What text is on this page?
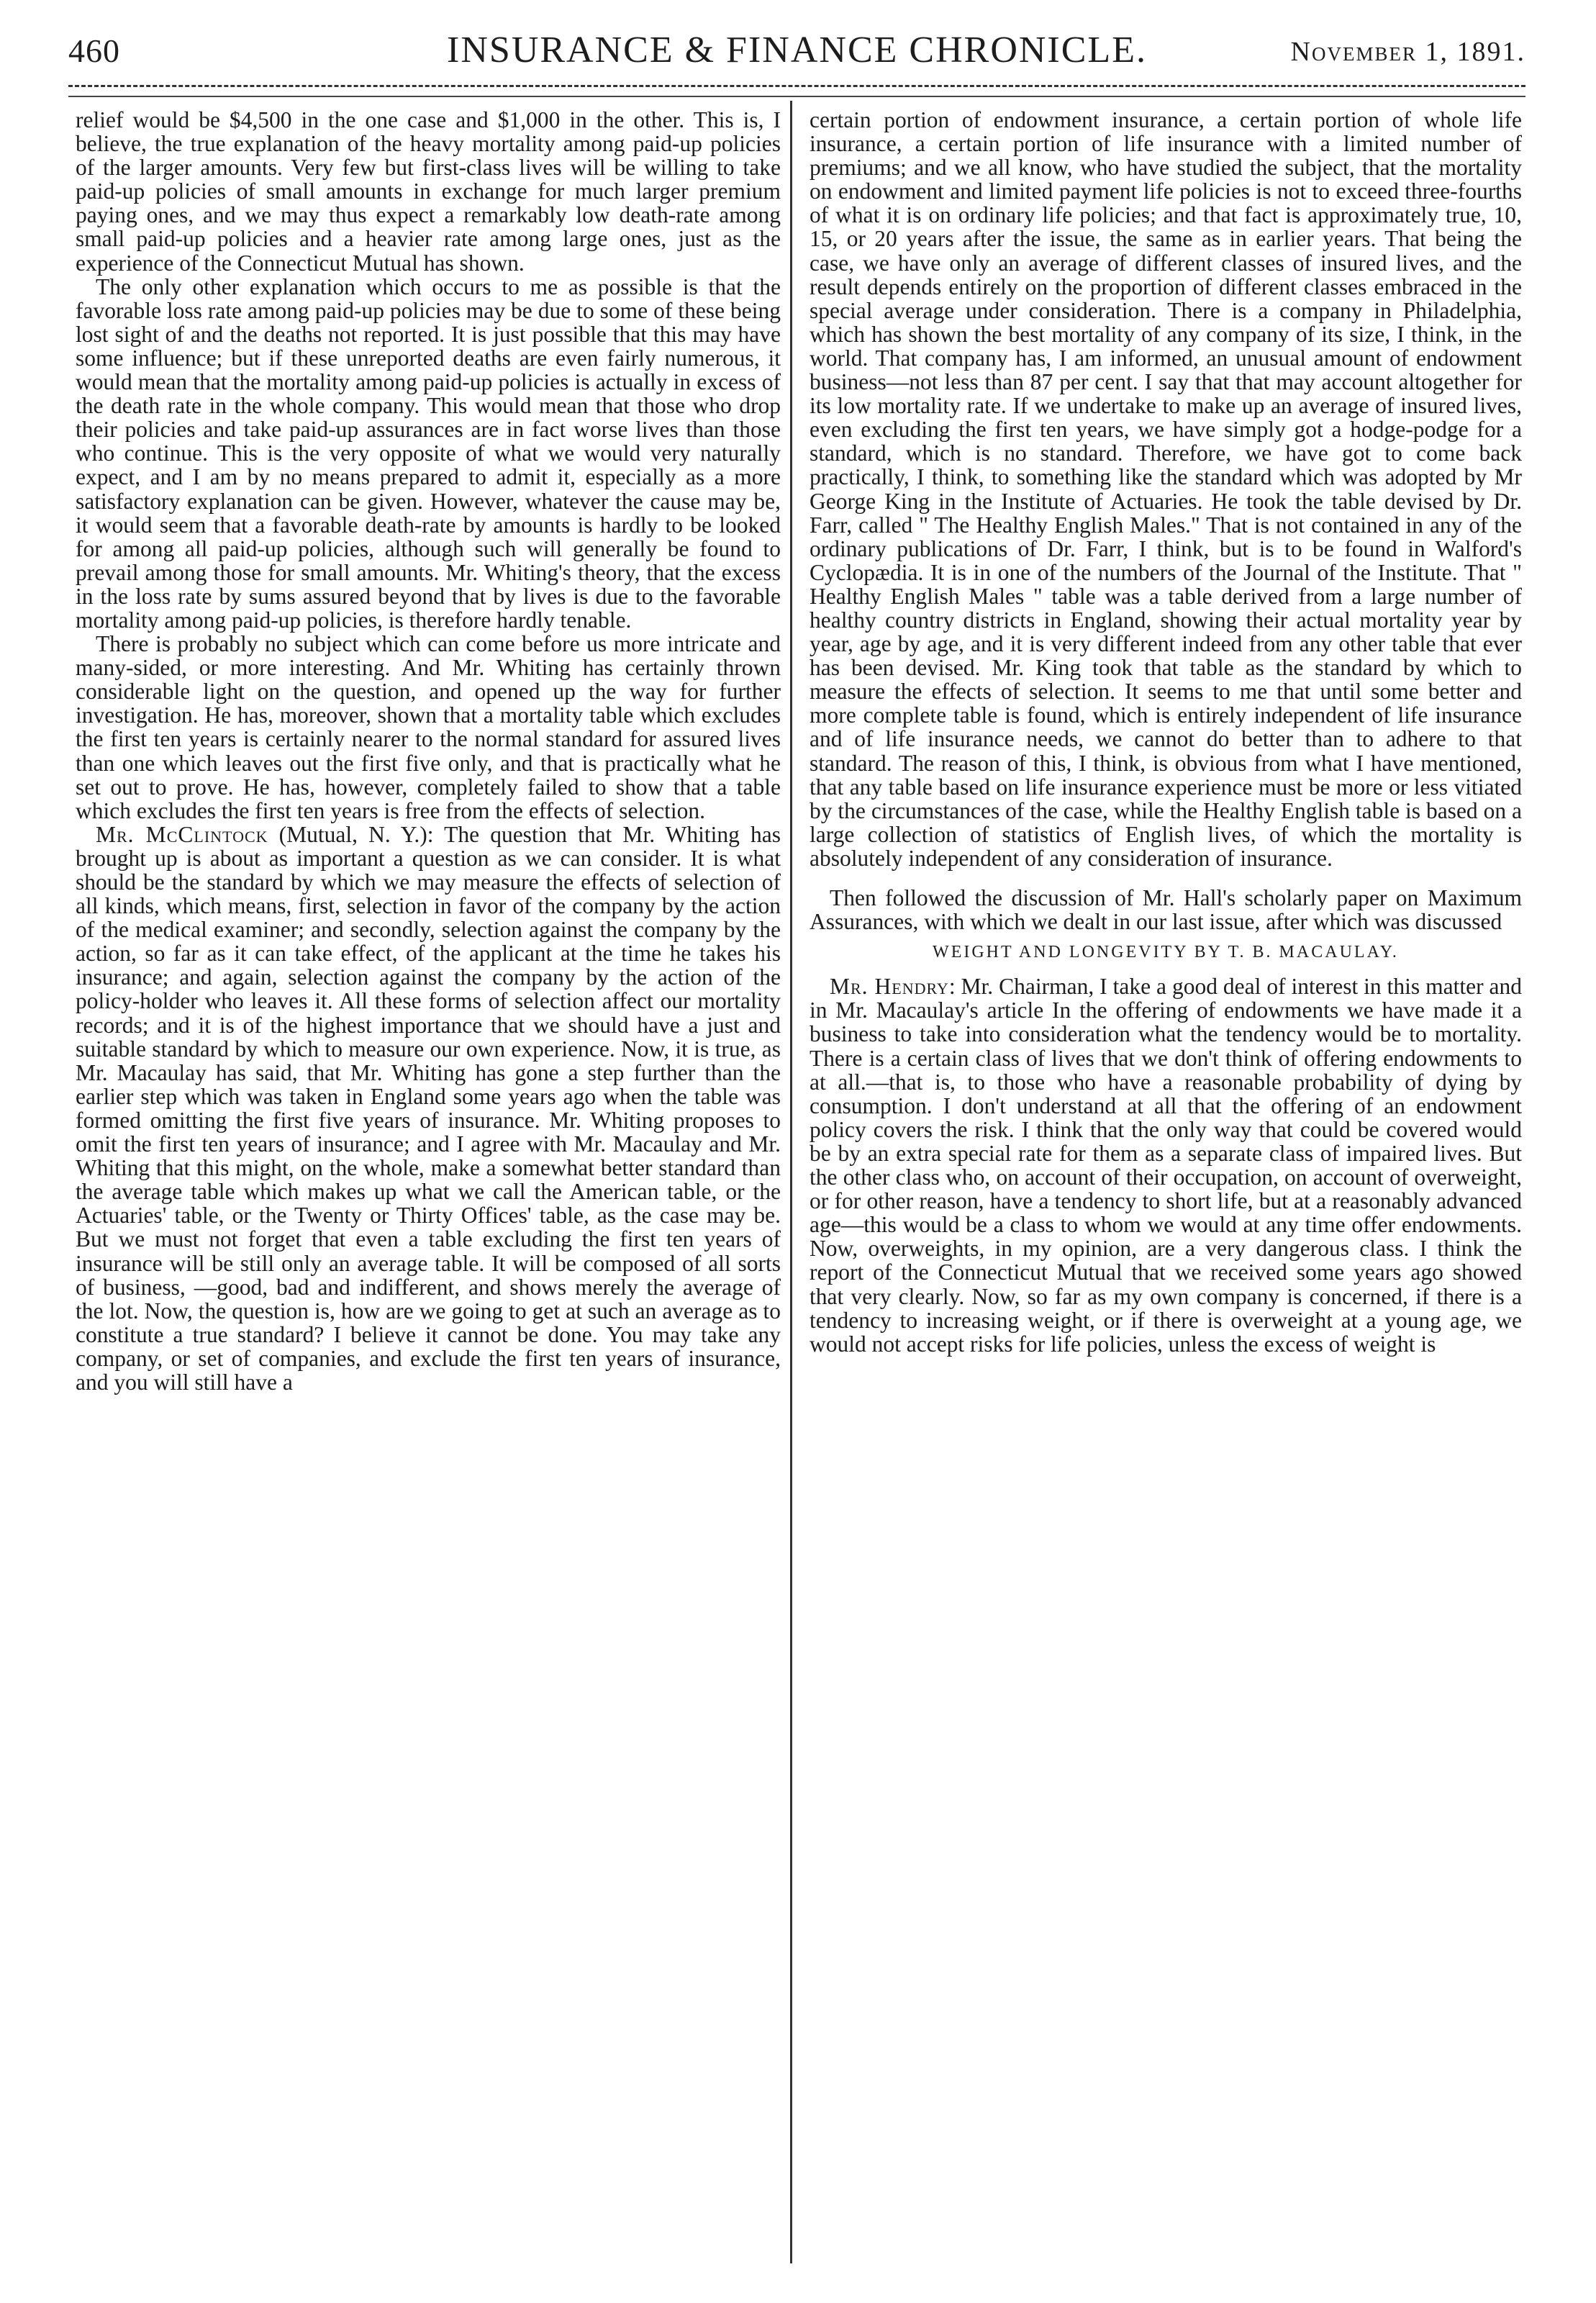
460	INSURANCE & FINANCE CHRONICLE.	November 1, 1891.

relief would be $4,500 in the one case and $1,000 in the other. This is, I believe, the true explanation of the heavy mortality among paid-up policies of the larger amounts. Very few but first-class lives will be willing to take paid-up policies of small amounts in exchange for much larger premium paying ones, and we may thus expect a remarkably low death-rate among small paid-up policies and a heavier rate among large ones, just as the experience of the Connecticut Mutual has shown.

The only other explanation which occurs to me as possible is that the favorable loss rate among paid-up policies may be due to some of these being lost sight of and the deaths not reported. It is just possible that this may have some influence; but if these unreported deaths are even fairly numerous, it would mean that the mortality among paid-up policies is actually in excess of the death rate in the whole company. This would mean that those who drop their policies and take paid-up assurances are in fact worse lives than those who continue. This is the very opposite of what we would very naturally expect, and I am by no means prepared to admit it, especially as a more satisfactory explanation can be given. However, whatever the cause may be, it would seem that a favorable death-rate by amounts is hardly to be looked for among all paid-up policies, although such will generally be found to prevail among those for small amounts. Mr. Whiting's theory, that the excess in the loss rate by sums assured beyond that by lives is due to the favorable mortality among paid-up policies, is therefore hardly tenable.

There is probably no subject which can come before us more intricate and many-sided, or more interesting. And Mr. Whiting has certainly thrown considerable light on the question, and opened up the way for further investigation. He has, moreover, shown that a mortality table which excludes the first ten years is certainly nearer to the normal standard for assured lives than one which leaves out the first five only, and that is practically what he set out to prove. He has, however, completely failed to show that a table which excludes the first ten years is free from the effects of selection.

Mr. McClintock (Mutual, N. Y.): The question that Mr. Whiting has brought up is about as important a question as we can consider. It is what should be the standard by which we may measure the effects of selection of all kinds, which means, first, selection in favor of the company by the action of the medical examiner; and secondly, selection against the company by the action, so far as it can take effect, of the applicant at the time he takes his insurance; and again, selection against the company by the action of the policy-holder who leaves it. All these forms of selection affect our mortality records; and it is of the highest importance that we should have a just and suitable standard by which to measure our own experience. Now, it is true, as Mr. Macaulay has said, that Mr. Whiting has gone a step further than the earlier step which was taken in England some years ago when the table was formed omitting the first five years of insurance. Mr. Whiting proposes to omit the first ten years of insurance; and I agree with Mr. Macaulay and Mr. Whiting that this might, on the whole, make a somewhat better standard than the average table which makes up what we call the American table, or the Actuaries' table, or the Twenty or Thirty Offices' table, as the case may be. But we must not forget that even a table excluding the first ten years of insurance will be still only an average table. It will be composed of all sorts of business, —good, bad and indifferent, and shows merely the average of the lot. Now, the question is, how are we going to get at such an average as to constitute a true standard? I believe it cannot be done. You may take any company, or set of companies, and exclude the first ten years of insurance, and you will still have a

certain portion of endowment insurance, a certain portion of whole life insurance, a certain portion of life insurance with a limited number of premiums; and we all know, who have studied the subject, that the mortality on endowment and limited payment life policies is not to exceed three-fourths of what it is on ordinary life policies; and that fact is approximately true, 10, 15, or 20 years after the issue, the same as in earlier years. That being the case, we have only an average of different classes of insured lives, and the result depends entirely on the proportion of different classes embraced in the special average under consideration. There is a company in Philadelphia, which has shown the best mortality of any company of its size, I think, in the world. That company has, I am informed, an unusual amount of endowment business—not less than 87 per cent. I say that that may account altogether for its low mortality rate. If we undertake to make up an average of insured lives, even excluding the first ten years, we have simply got a hodge-podge for a standard, which is no standard. Therefore, we have got to come back practically, I think, to something like the standard which was adopted by Mr George King in the Institute of Actuaries. He took the table devised by Dr. Farr, called " The Healthy English Males." That is not contained in any of the ordinary publications of Dr. Farr, I think, but is to be found in Walford's Cyclopædia. It is in one of the numbers of the Journal of the Institute. That " Healthy English Males " table was a table derived from a large number of healthy country districts in England, showing their actual mortality year by year, age by age, and it is very different indeed from any other table that ever has been devised. Mr. King took that table as the standard by which to measure the effects of selection. It seems to me that until some better and more complete table is found, which is entirely independent of life insurance and of life insurance needs, we cannot do better than to adhere to that standard. The reason of this, I think, is obvious from what I have mentioned, that any table based on life insurance experience must be more or less vitiated by the circumstances of the case, while the Healthy English table is based on a large collection of statistics of English lives, of which the mortality is absolutely independent of any consideration of insurance.

Then followed the discussion of Mr. Hall's scholarly paper on Maximum Assurances, with which we dealt in our last issue, after which was discussed

WEIGHT AND LONGEVITY BY T. B. MACAULAY.

Mr. Hendry: Mr. Chairman, I take a good deal of interest in this matter and in Mr. Macaulay's article In the offering of endowments we have made it a business to take into consideration what the tendency would be to mortality. There is a certain class of lives that we don't think of offering endowments to at all.—that is, to those who have a reasonable probability of dying by consumption. I don't understand at all that the offering of an endowment policy covers the risk. I think that the only way that could be covered would be by an extra special rate for them as a separate class of impaired lives. But the other class who, on account of their occupation, on account of overweight, or for other reason, have a tendency to short life, but at a reasonably advanced age—this would be a class to whom we would at any time offer endowments. Now, overweights, in my opinion, are a very dangerous class. I think the report of the Connecticut Mutual that we received some years ago showed that very clearly. Now, so far as my own company is concerned, if there is a tendency to increasing weight, or if there is overweight at a young age, we would not accept risks for life policies, unless the excess of weight is
